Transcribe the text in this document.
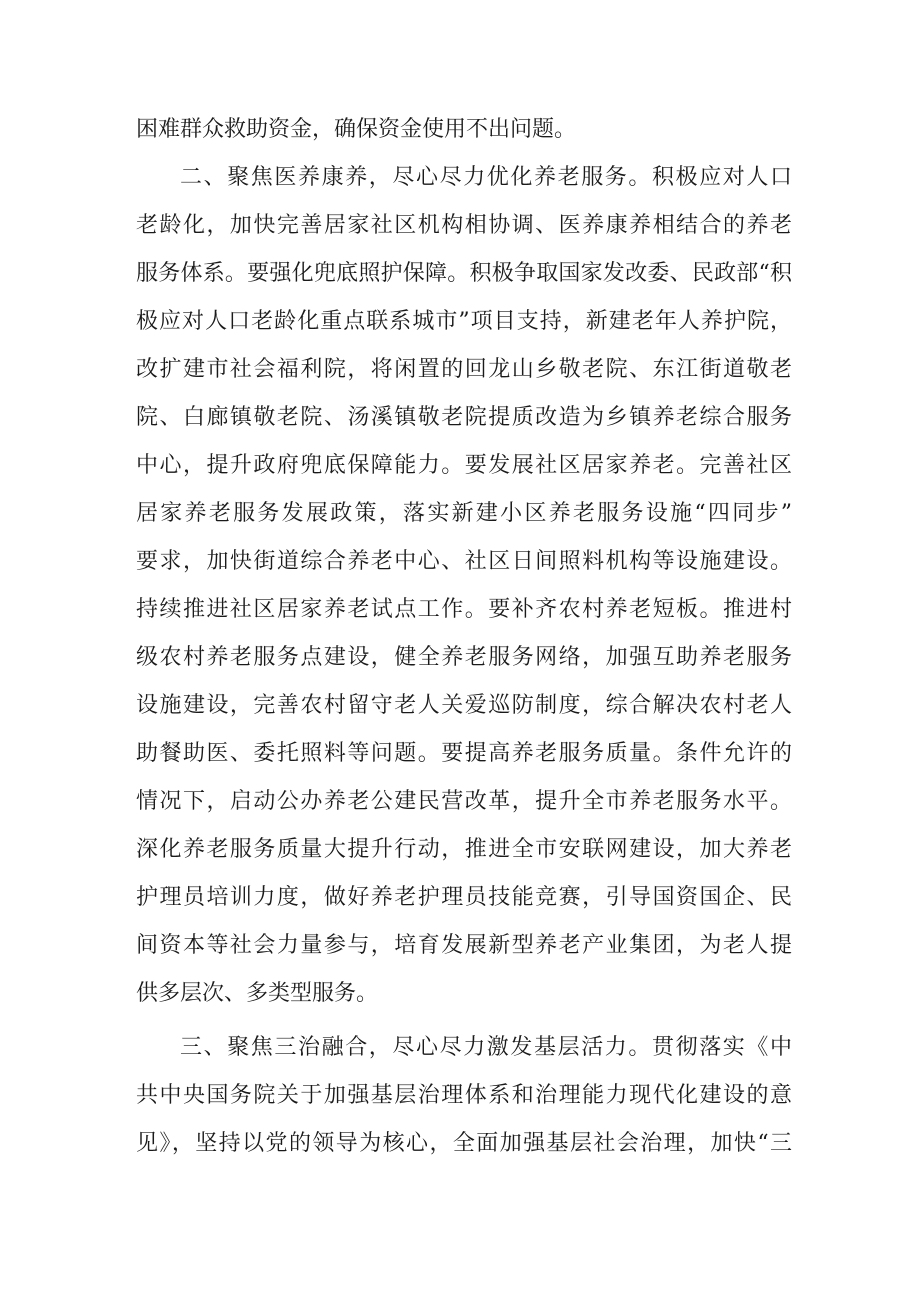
困难群众救助资金，确保资金使用不出问题。
二、聚焦医养康养，尽心尽力优化养老服务。积极应对人口
老龄化，加快完善居家社区机构相协调、医养康养相结合的养老
服务体系。要强化兜底照护保障。积极争取国家发改委、民政部“积
极应对人口老龄化重点联系城市”项目支持，新建老年人养护院，
改扩建市社会福利院，将闲置的回龙山乡敬老院、东江街道敬老
院、白廊镇敬老院、汤溪镇敬老院提质改造为乡镇养老综合服务
中心，提升政府兜底保障能力。要发展社区居家养老。完善社区
居家养老服务发展政策，落实新建小区养老服务设施“四同步”
要求，加快街道综合养老中心、社区日间照料机构等设施建设。
持续推进社区居家养老试点工作。要补齐农村养老短板。推进村
级农村养老服务点建设，健全养老服务网络，加强互助养老服务
设施建设，完善农村留守老人关爱巡防制度，综合解决农村老人
助餐助医、委托照料等问题。要提高养老服务质量。条件允许的
情况下，启动公办养老公建民营改革，提升全市养老服务水平。
深化养老服务质量大提升行动，推进全市安联网建设，加大养老
护理员培训力度，做好养老护理员技能竞赛，引导国资国企、民
间资本等社会力量参与，培育发展新型养老产业集团，为老人提
供多层次、多类型服务。
三、聚焦三治融合，尽心尽力激发基层活力。贯彻落实《中
共中央国务院关于加强基层治理体系和治理能力现代化建设的意
见》，坚持以党的领导为核心，全面加强基层社会治理，加快“三
